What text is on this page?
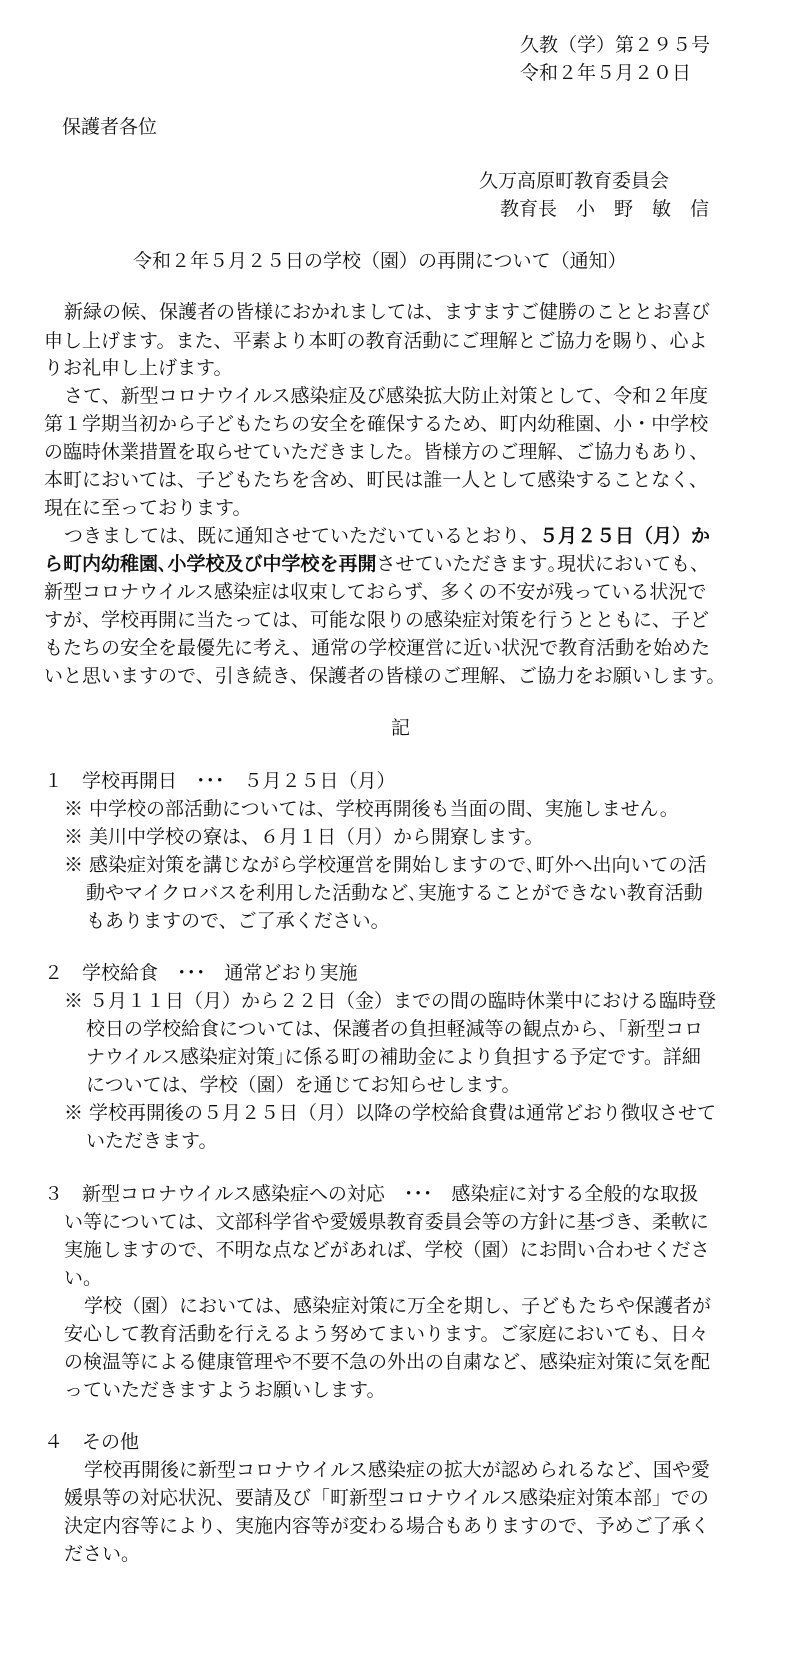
久教（学）第２９５号
令和２年５月２０日
保護者各位
久万高原町教育委員会
教育長　小　野　敏　信
令和２年５月２５日の学校（園）の再開について（通知）
新緑の候、保護者の皆様におかれましては、ますますご健勝のこととお喜び
申し上げます。また、平素より本町の教育活動にご理解とご協力を賜り、心よ
りお礼申し上げます。
さて、新型コロナウイルス感染症及び感染拡大防止対策として、令和２年度
第１学期当初から子どもたちの安全を確保するため、町内幼稚園、小・中学校
の臨時休業措置を取らせていただきました。皆様方のご理解、ご協力もあり、
本町においては、子どもたちを含め、町民は誰一人として感染することなく、
現在に至っております。
つきましては、既に通知させていただいているとおり、５月２５日（月）か
ら町内幼稚園､小学校及び中学校を再開させていただきます｡現状においても、
新型コロナウイルス感染症は収束しておらず、多くの不安が残っている状況で
すが、学校再開に当たっては、可能な限りの感染症対策を行うとともに、子ど
もたちの安全を最優先に考え、通常の学校運営に近い状況で教育活動を始めた
いと思いますので、引き続き、保護者の皆様のご理解、ご協力をお願いします。
記
１　学校再開日　･･･　５月２５日（月）
※ 中学校の部活動については、学校再開後も当面の間、実施しません。
※ 美川中学校の寮は、６月１日（月）から開寮します。
※ 感染症対策を講じながら学校運営を開始しますので､町外へ出向いての活
動やマイクロバスを利用した活動など､実施することができない教育活動
もありますので、ご了承ください。
２　学校給食　･･･　通常どおり実施
※ ５月１１日（月）から２２日（金）までの間の臨時休業中における臨時登
校日の学校給食については、保護者の負担軽減等の観点から、｢新型コロ
ナウイルス感染症対策｣に係る町の補助金により負担する予定です。詳細
については、学校（園）を通じてお知らせします。
※ 学校再開後の５月２５日（月）以降の学校給食費は通常どおり徴収させて
いただきます。
３　新型コロナウイルス感染症への対応　･･･　感染症に対する全般的な取扱
い等については、文部科学省や愛媛県教育委員会等の方針に基づき、柔軟に
実施しますので、不明な点などがあれば、学校（園）にお問い合わせくださ
い。
学校（園）においては、感染症対策に万全を期し、子どもたちや保護者が
安心して教育活動を行えるよう努めてまいります。ご家庭においても、日々
の検温等による健康管理や不要不急の外出の自粛など、感染症対策に気を配
っていただきますようお願いします。
４　その他
学校再開後に新型コロナウイルス感染症の拡大が認められるなど、国や愛
媛県等の対応状況、要請及び「町新型コロナウイルス感染症対策本部」での
決定内容等により、実施内容等が変わる場合もありますので、予めご了承く
ださい。
